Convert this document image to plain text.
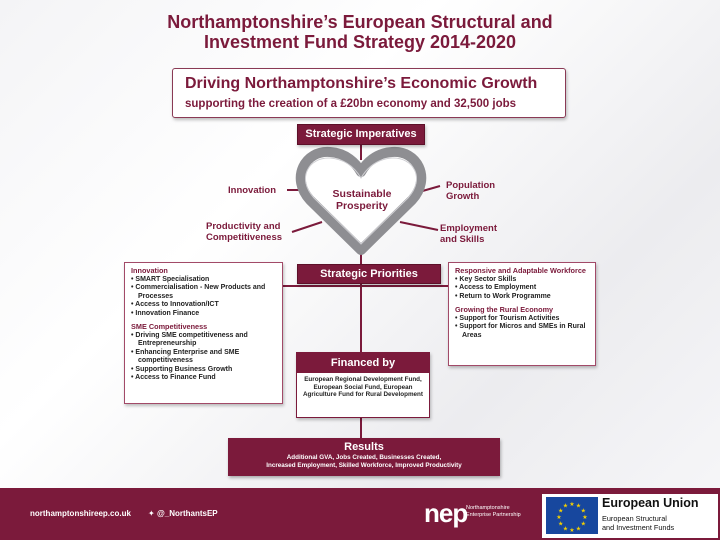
Northamptonshire’s European Structural and
Investment Fund Strategy 2014-2020
Driving Northamptonshire’s Economic Growth
supporting the creation of a £20bn economy and 32,500 jobs
Strategic Imperatives
Sustainable Prosperity
Innovation
Productivity and Competitiveness
Population Growth
Employment and Skills
Strategic Priorities
Innovation
• SMART Specialisation
• Commercialisation - New Products and Processes
• Access to Innovation/ICT
• Innovation Finance
SME Competitiveness
• Driving SME competitiveness and Entrepreneurship
• Enhancing Enterprise and SME competitiveness
• Supporting Business Growth
• Access to Finance Fund
Responsive and Adaptable Workforce
• Key Sector Skills
• Access to Employment
• Return to Work Programme
Growing the Rural Economy
• Support for Tourism Activities
• Support for Micros and SMEs in Rural Areas
Financed by
European Regional Development Fund, European Social Fund, European Agriculture Fund for Rural Development
Results
Additional GVA, Jobs Created, Businesses Created,
Increased Employment, Skilled Workforce, Improved Productivity
northamptonshireep.co.uk ✦ @_NorthantsEP	nep
Northamptonshire
Enterprise Partnership
★ ★
★
★
★
★
★
★
★
★
★
★	European Union
European Structural
and Investment Funds
